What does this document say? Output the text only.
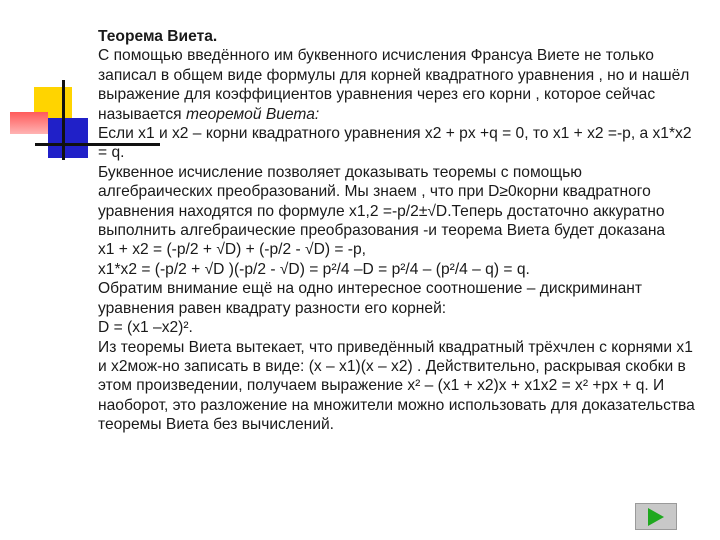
Теорема Виета.

С помощью введённого им буквенного исчисления Франсуа Виете не только записал в общем виде формулы для корней квадратного уравнения , но и нашёл выражение для коэффициентов уравнения через его корни , которое сейчас называется теоремой Виета:

Если x1 и x2 – корни квадратного уравнения x2 + px +q = 0, то x1 + x2 =-p, а x1*x2 = q.

Буквенное исчисление позволяет доказывать теоремы с помощью алгебраических преобразований. Мы знаем , что при D≥0корни квадратного уравнения находятся по формуле x1,2 =-p/2±√D.Теперь достаточно аккуратно выполнить алгебраические преобразования -и теорема Виета будет доказана

x1 + x2 = (-p/2 + √D) + (-p/2 - √D) = -p,

x1*x2 = (-p/2 + √D )(-p/2 - √D) = p²/4 –D = p²/4 – (p²/4 – q) = q.

Обратим внимание ещё на одно интересное соотношение – дискриминант уравнения равен квадрату разности его корней:

D = (x1 –x2)².

Из теоремы Виета вытекает, что приведённый квадратный трёхчлен с корнями x1 и x2мож-но записать в виде: (x – x1)(x – x2) . Действительно, раскрывая скобки в этом произведении, получаем выражение x² – (x1 + x2)x + x1x2 = x² +px + q. И наоборот, это разложение на множители можно использовать для доказательства теоремы Виета без вычислений.
